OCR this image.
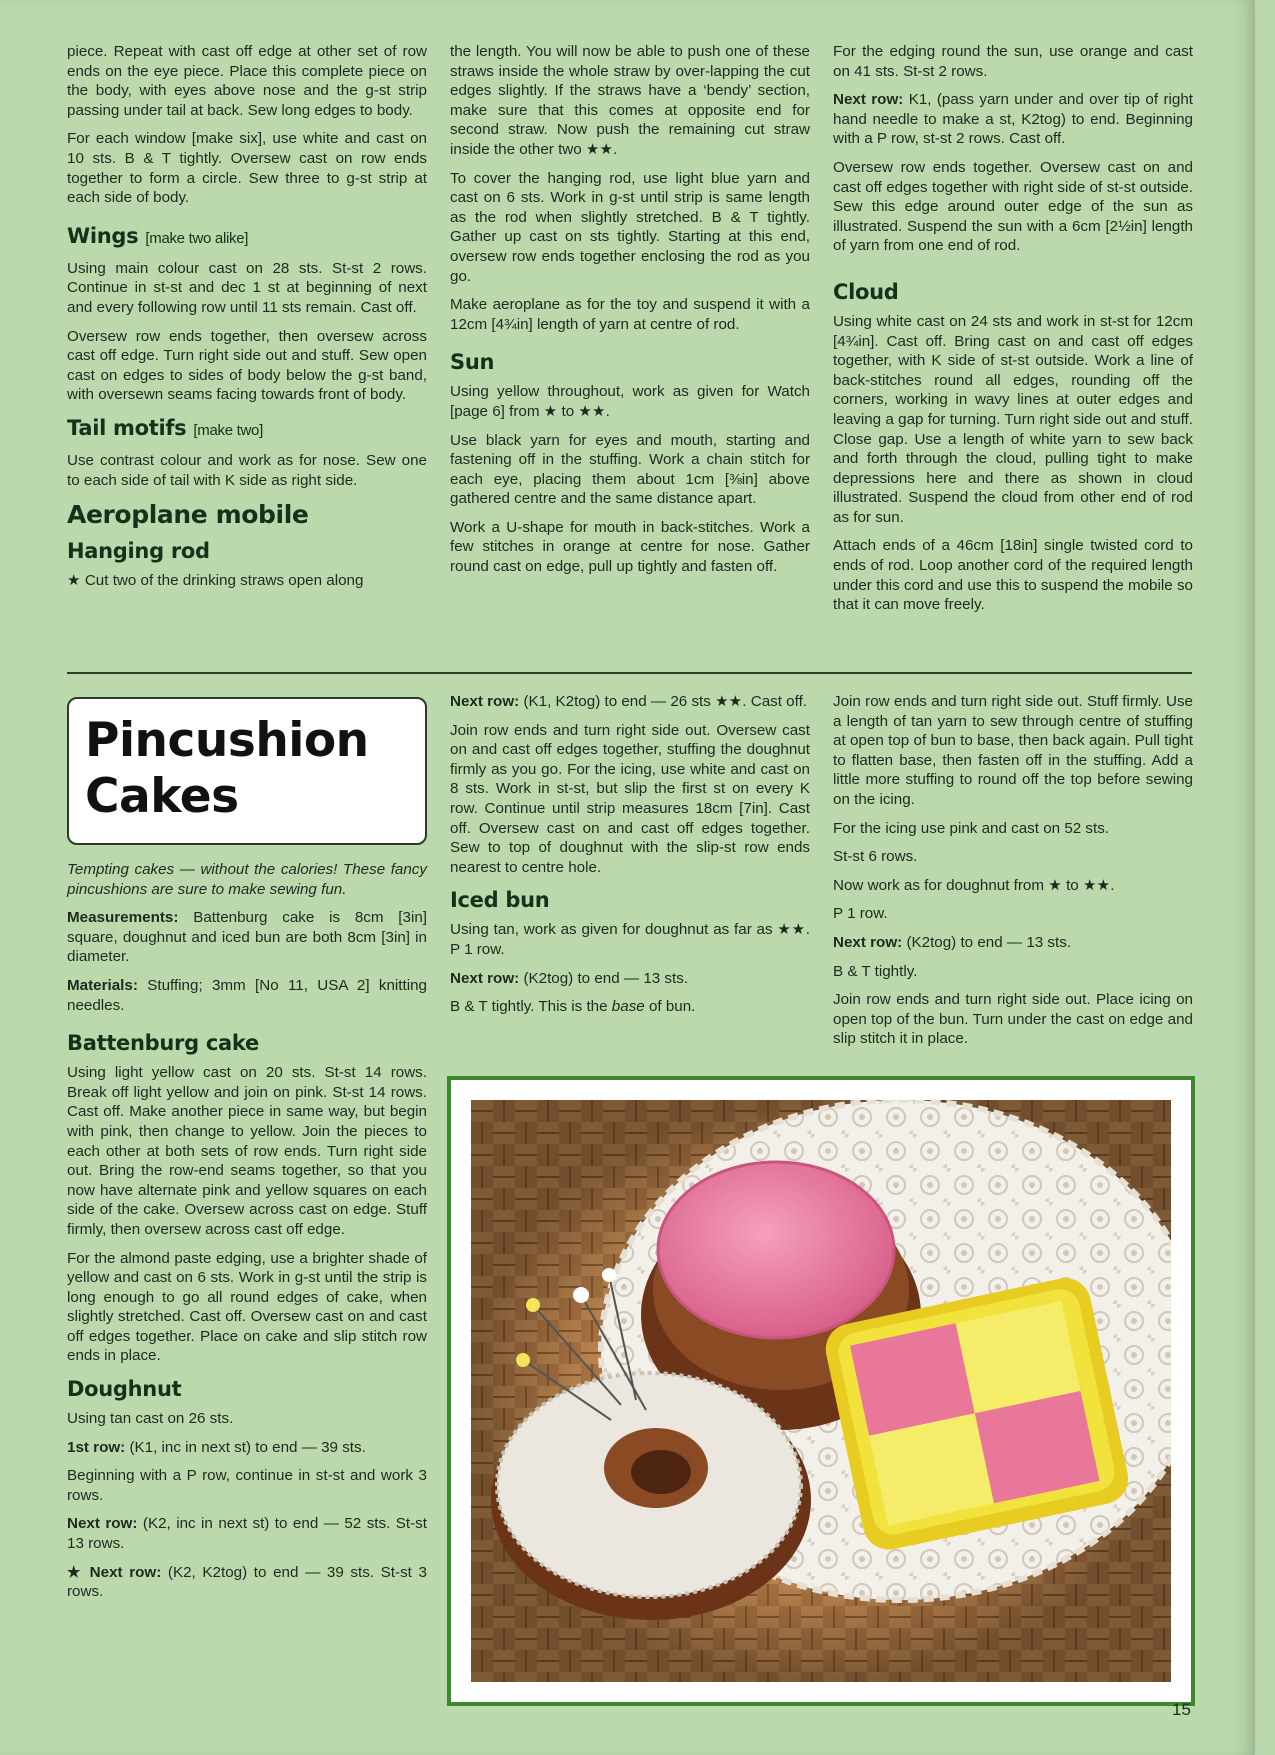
piece. Repeat with cast off edge at other set of row ends on the eye piece. Place this complete piece on the body, with eyes above nose and the g-st strip passing under tail at back. Sew long edges to body.

For each window [make six], use white and cast on 10 sts. B & T tightly. Oversew cast on row ends together to form a circle. Sew three to g-st strip at each side of body.

Wings [make two alike]

Using main colour cast on 28 sts. St-st 2 rows. Continue in st-st and dec 1 st at beginning of next and every following row until 11 sts remain. Cast off.

Oversew row ends together, then oversew across cast off edge. Turn right side out and stuff. Sew open cast on edges to sides of body below the g-st band, with oversewn seams facing towards front of body.

Tail motifs [make two]

Use contrast colour and work as for nose. Sew one to each side of tail with K side as right side.

Aeroplane mobile
Hanging rod

★ Cut two of the drinking straws open along

the length. You will now be able to push one of these straws inside the whole straw by over-lapping the cut edges slightly. If the straws have a ‘bendy’ section, make sure that this comes at opposite end for second straw. Now push the remaining cut straw inside the other two ★★.

To cover the hanging rod, use light blue yarn and cast on 6 sts. Work in g-st until strip is same length as the rod when slightly stretched. B & T tightly. Gather up cast on sts tightly. Starting at this end, oversew row ends together enclosing the rod as you go.

Make aeroplane as for the toy and suspend it with a 12cm [4¾in] length of yarn at centre of rod.

Sun

Using yellow throughout, work as given for Watch [page 6] from ★ to ★★.

Use black yarn for eyes and mouth, starting and fastening off in the stuffing. Work a chain stitch for each eye, placing them about 1cm [⅜in] above gathered centre and the same distance apart.

Work a U-shape for mouth in back-stitches. Work a few stitches in orange at centre for nose. Gather round cast on edge, pull up tightly and fasten off.

For the edging round the sun, use orange and cast on 41 sts. St-st 2 rows.

Next row: K1, (pass yarn under and over tip of right hand needle to make a st, K2tog) to end. Beginning with a P row, st-st 2 rows. Cast off.

Oversew row ends together. Oversew cast on and cast off edges together with right side of st-st outside. Sew this edge around outer edge of the sun as illustrated. Suspend the sun with a 6cm [2½in] length of yarn from one end of rod.

Cloud

Using white cast on 24 sts and work in st-st for 12cm [4¾in]. Cast off. Bring cast on and cast off edges together, with K side of st-st outside. Work a line of back-stitches round all edges, rounding off the corners, working in wavy lines at outer edges and leaving a gap for turning. Turn right side out and stuff. Close gap. Use a length of white yarn to sew back and forth through the cloud, pulling tight to make depressions here and there as shown in cloud illustrated. Suspend the cloud from other end of rod as for sun.

Attach ends of a 46cm [18in] single twisted cord to ends of rod. Loop another cord of the required length under this cord and use this to suspend the mobile so that it can move freely.

Pincushion
Cakes

Tempting cakes — without the calories! These fancy pincushions are sure to make sewing fun.

Measurements: Battenburg cake is 8cm [3in] square, doughnut and iced bun are both 8cm [3in] in diameter.

Materials: Stuffing; 3mm [No 11, USA 2] knitting needles.

Battenburg cake

Using light yellow cast on 20 sts. St-st 14 rows. Break off light yellow and join on pink. St-st 14 rows. Cast off. Make another piece in same way, but begin with pink, then change to yellow. Join the pieces to each other at both sets of row ends. Turn right side out. Bring the row-end seams together, so that you now have alternate pink and yellow squares on each side of the cake. Oversew across cast on edge. Stuff firmly, then oversew across cast off edge.

For the almond paste edging, use a brighter shade of yellow and cast on 6 sts. Work in g-st until the strip is long enough to go all round edges of cake, when slightly stretched. Cast off. Oversew cast on and cast off edges together. Place on cake and slip stitch row ends in place.

Doughnut

Using tan cast on 26 sts.

1st row: (K1, inc in next st) to end — 39 sts.

Beginning with a P row, continue in st-st and work 3 rows.

Next row: (K2, inc in next st) to end — 52 sts. St-st 13 rows.

★ Next row: (K2, K2tog) to end — 39 sts. St-st 3 rows.

Next row: (K1, K2tog) to end — 26 sts ★★. Cast off.

Join row ends and turn right side out. Oversew cast on and cast off edges together, stuffing the doughnut firmly as you go. For the icing, use white and cast on 8 sts. Work in st-st, but slip the first st on every K row. Continue until strip measures 18cm [7in]. Cast off. Oversew cast on and cast off edges together. Sew to top of doughnut with the slip-st row ends nearest to centre hole.

Iced bun

Using tan, work as given for doughnut as far as ★★. P 1 row.

Next row: (K2tog) to end — 13 sts.

B & T tightly. This is the base of bun.

Join row ends and turn right side out. Stuff firmly. Use a length of tan yarn to sew through centre of stuffing at open top of bun to base, then back again. Pull tight to flatten base, then fasten off in the stuffing. Add a little more stuffing to round off the top before sewing on the icing.

For the icing use pink and cast on 52 sts.

St-st 6 rows.

Now work as for doughnut from ★ to ★★.

P 1 row.

Next row: (K2tog) to end — 13 sts.

B & T tightly.

Join row ends and turn right side out. Place icing on open top of the bun. Turn under the cast on edge and slip stitch it in place.

15
